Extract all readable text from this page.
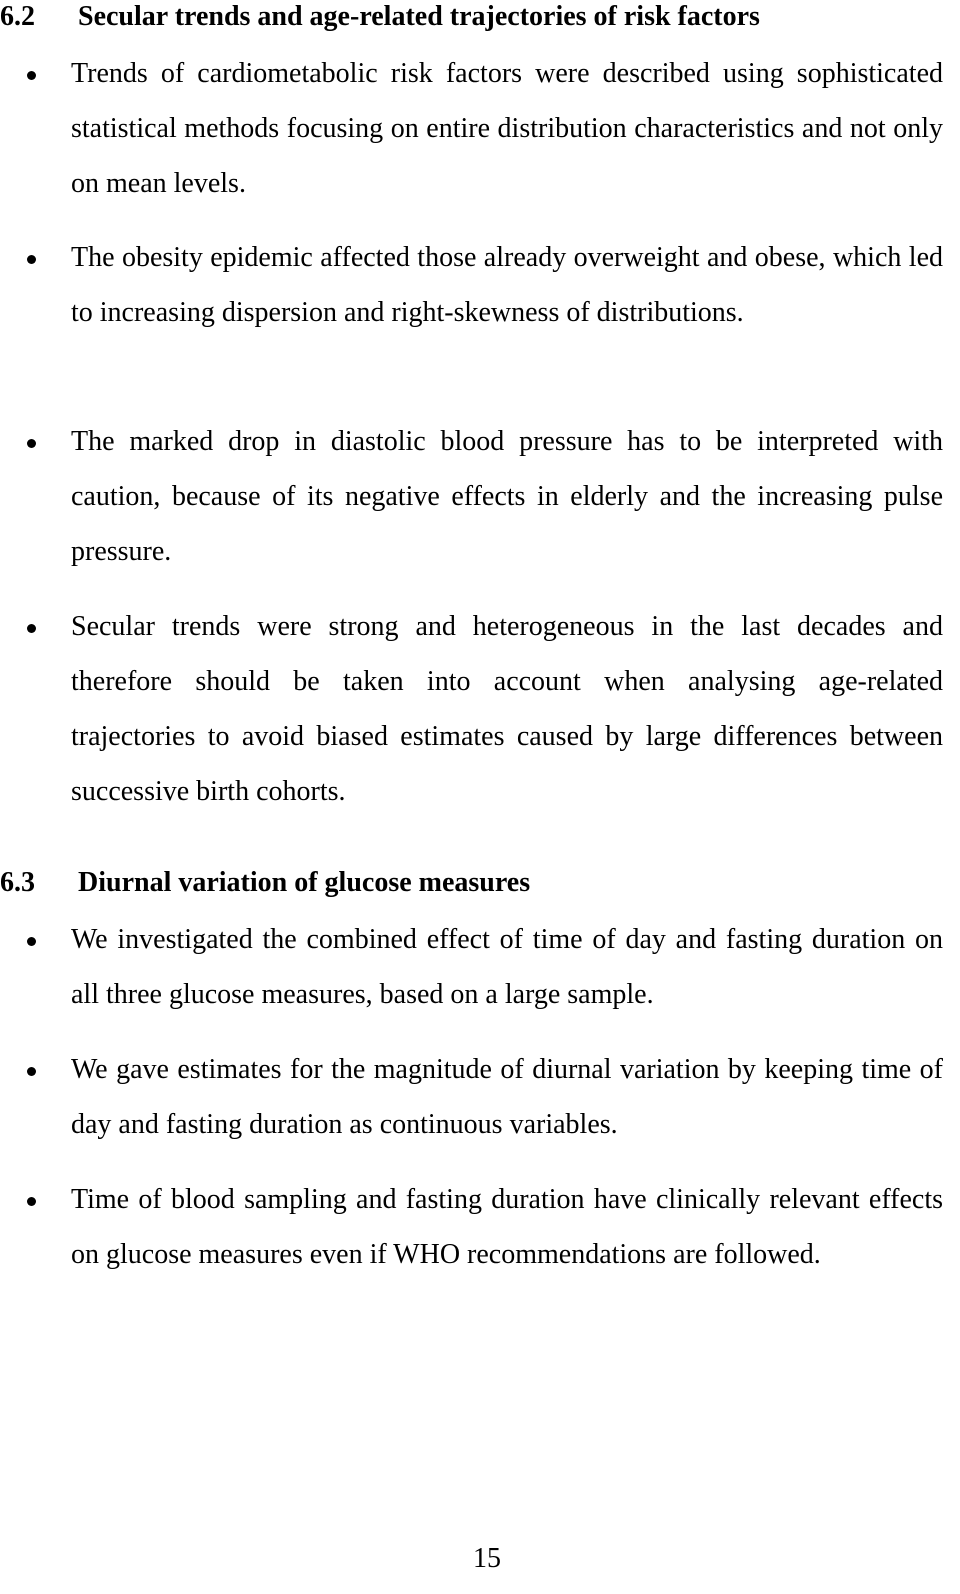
6.2 Secular trends and age-related trajectories of risk factors
Trends of cardiometabolic risk factors were described using sophisticated statistical methods focusing on entire distribution characteristics and not only on mean levels.
The obesity epidemic affected those already overweight and obese, which led to increasing dispersion and right-skewness of distributions.
The marked drop in diastolic blood pressure has to be interpreted with caution, because of its negative effects in elderly and the increasing pulse pressure.
Secular trends were strong and heterogeneous in the last decades and therefore should be taken into account when analysing age-related trajectories to avoid biased estimates caused by large differences between successive birth cohorts.
6.3 Diurnal variation of glucose measures
We investigated the combined effect of time of day and fasting duration on all three glucose measures, based on a large sample.
We gave estimates for the magnitude of diurnal variation by keeping time of day and fasting duration as continuous variables.
Time of blood sampling and fasting duration have clinically relevant effects on glucose measures even if WHO recommendations are followed.
15
